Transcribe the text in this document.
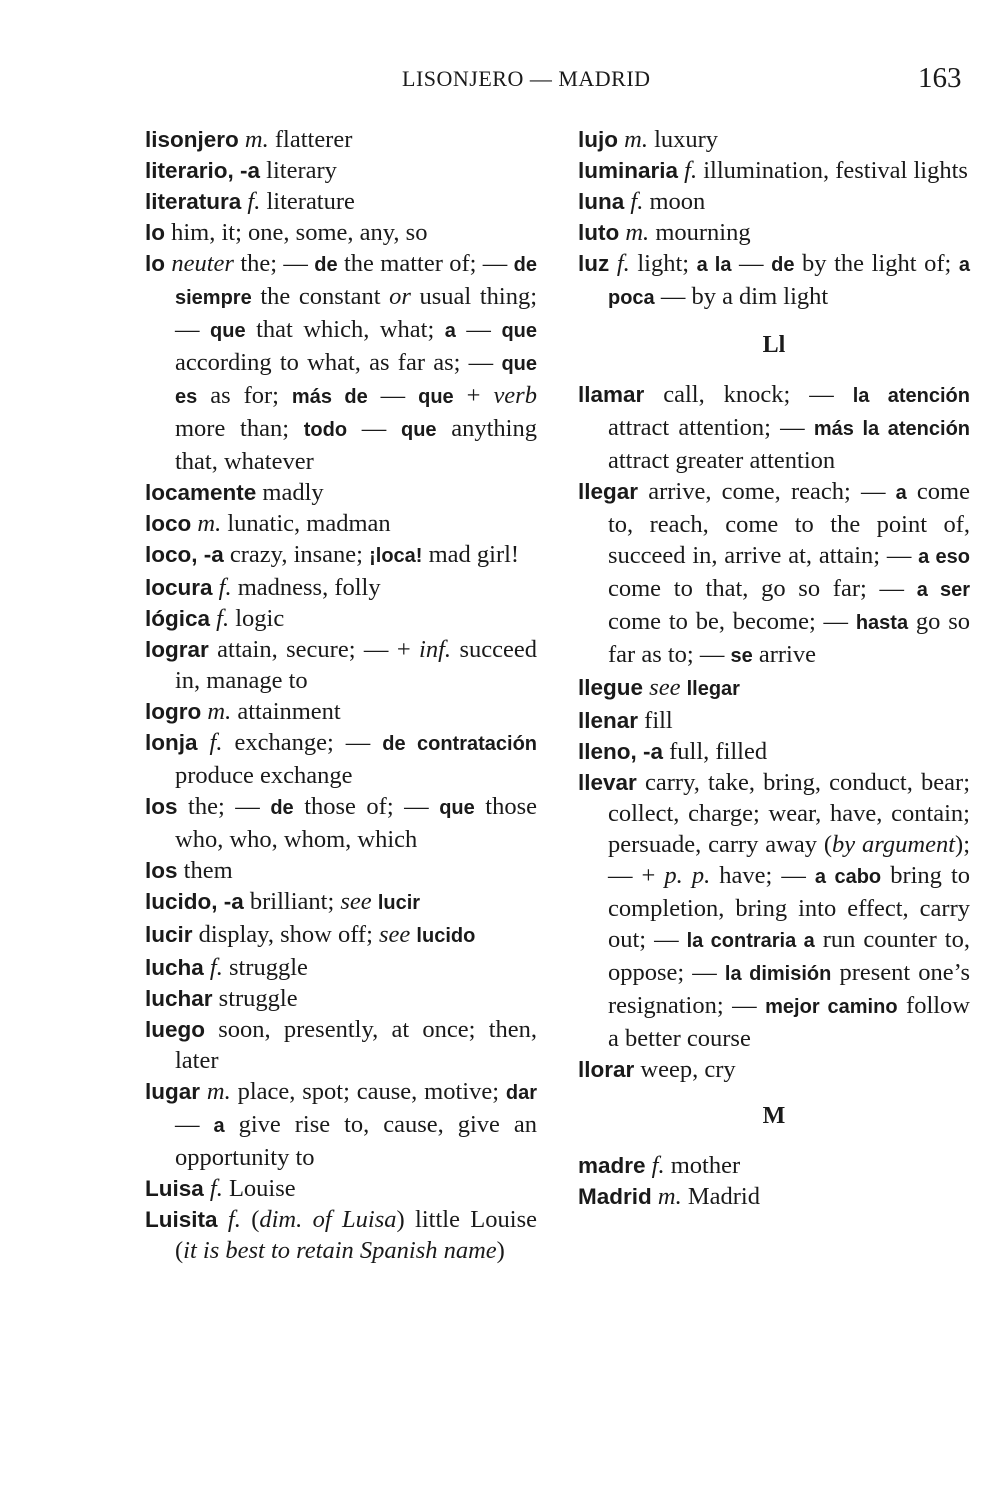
LISONJERO — MADRID	163

lisonjero m. flatterer

literario, -a literary

literatura f. literature

lo him, it; one, some, any, so

lo neuter the; — de the matter of; — de siempre the constant or usual thing; — que that which, what; a — que according to what, as far as; — que es as for; más de — que + verb more than; todo — que anything that, whatever

locamente madly

loco m. lunatic, madman

loco, -a crazy, insane; ¡loca! mad girl!

locura f. madness, folly

lógica f. logic

lograr attain, secure; — + inf. succeed in, manage to

logro m. attainment

lonja f. exchange; — de contratación produce exchange

los the; — de those of; — que those who, who, whom, which

los them

lucido, -a brilliant; see lucir

lucir display, show off; see lucido

lucha f. struggle

luchar struggle

luego soon, presently, at once; then, later

lugar m. place, spot; cause, motive; dar — a give rise to, cause, give an opportunity to

Luisa f. Louise

Luisita f. (dim. of Luisa) little Louise (it is best to retain Spanish name)

lujo m. luxury

luminaria f. illumination, festival lights

luna f. moon

luto m. mourning

luz f. light; a la — de by the light of; a poca — by a dim light

Ll

llamar call, knock; — la atención attract attention; — más la atención attract greater attention

llegar arrive, come, reach; — a come to, reach, come to the point of, succeed in, arrive at, attain; — a eso come to that, go so far; — a ser come to be, become; — hasta go so far as to; — se arrive

llegue see llegar

llenar fill

lleno, -a full, filled

llevar carry, take, bring, conduct, bear; collect, charge; wear, have, contain; persuade, carry away (by argument); — + p. p. have; — a cabo bring to completion, bring into effect, carry out; — la contraria a run counter to, oppose; — la dimisión present one’s resignation; — mejor camino follow a better course

llorar weep, cry

M

madre f. mother

Madrid m. Madrid
